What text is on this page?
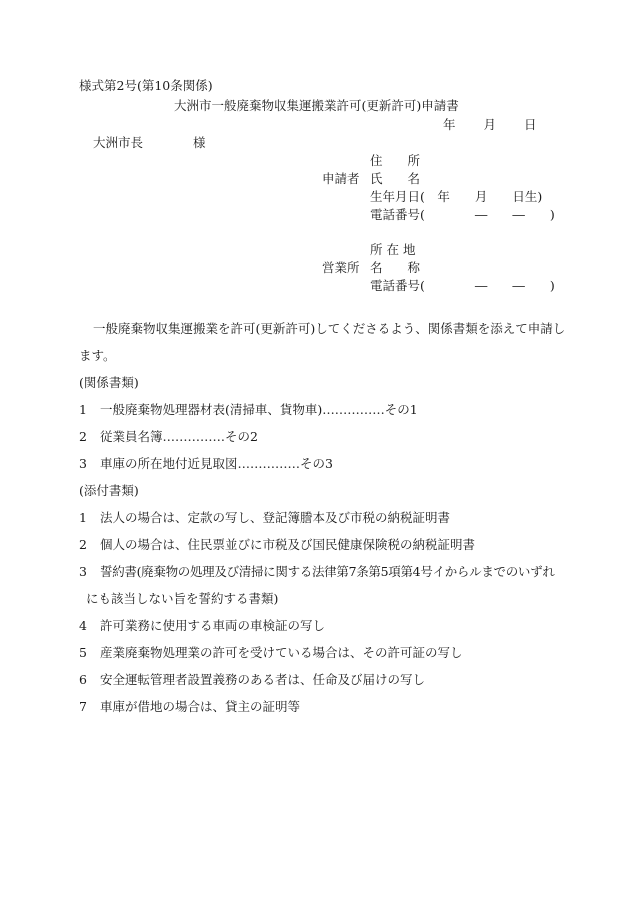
様式第2号(第10条関係)
大洲市一般廃棄物収集運搬業許可(更新許可)申請書
年　　月　　日
大洲市長　　　　様
申請者
住　　所
氏　　名
生年月日(　年　　月　　日生)
電話番号(　　　　―　　―　　)
営業所
所 在 地
名　　称
電話番号(　　　　―　　―　　)
一般廃棄物収集運搬業を許可(更新許可)してくださるよう、関係書類を添えて申請し
ます。
(関係書類)
1 一般廃棄物処理器材表(清掃車、貨物車)……………その1
2 従業員名簿……………その2
3 車庫の所在地付近見取図……………その3
(添付書類)
1 法人の場合は、定款の写し、登記簿謄本及び市税の納税証明書
2 個人の場合は、住民票並びに市税及び国民健康保険税の納税証明書
3 誓約書(廃棄物の処理及び清掃に関する法律第7条第5項第4号イからルまでのいずれ
にも該当しない旨を誓約する書類)
4 許可業務に使用する車両の車検証の写し
5 産業廃棄物処理業の許可を受けている場合は、その許可証の写し
6 安全運転管理者設置義務のある者は、任命及び届けの写し
7 車庫が借地の場合は、貸主の証明等
